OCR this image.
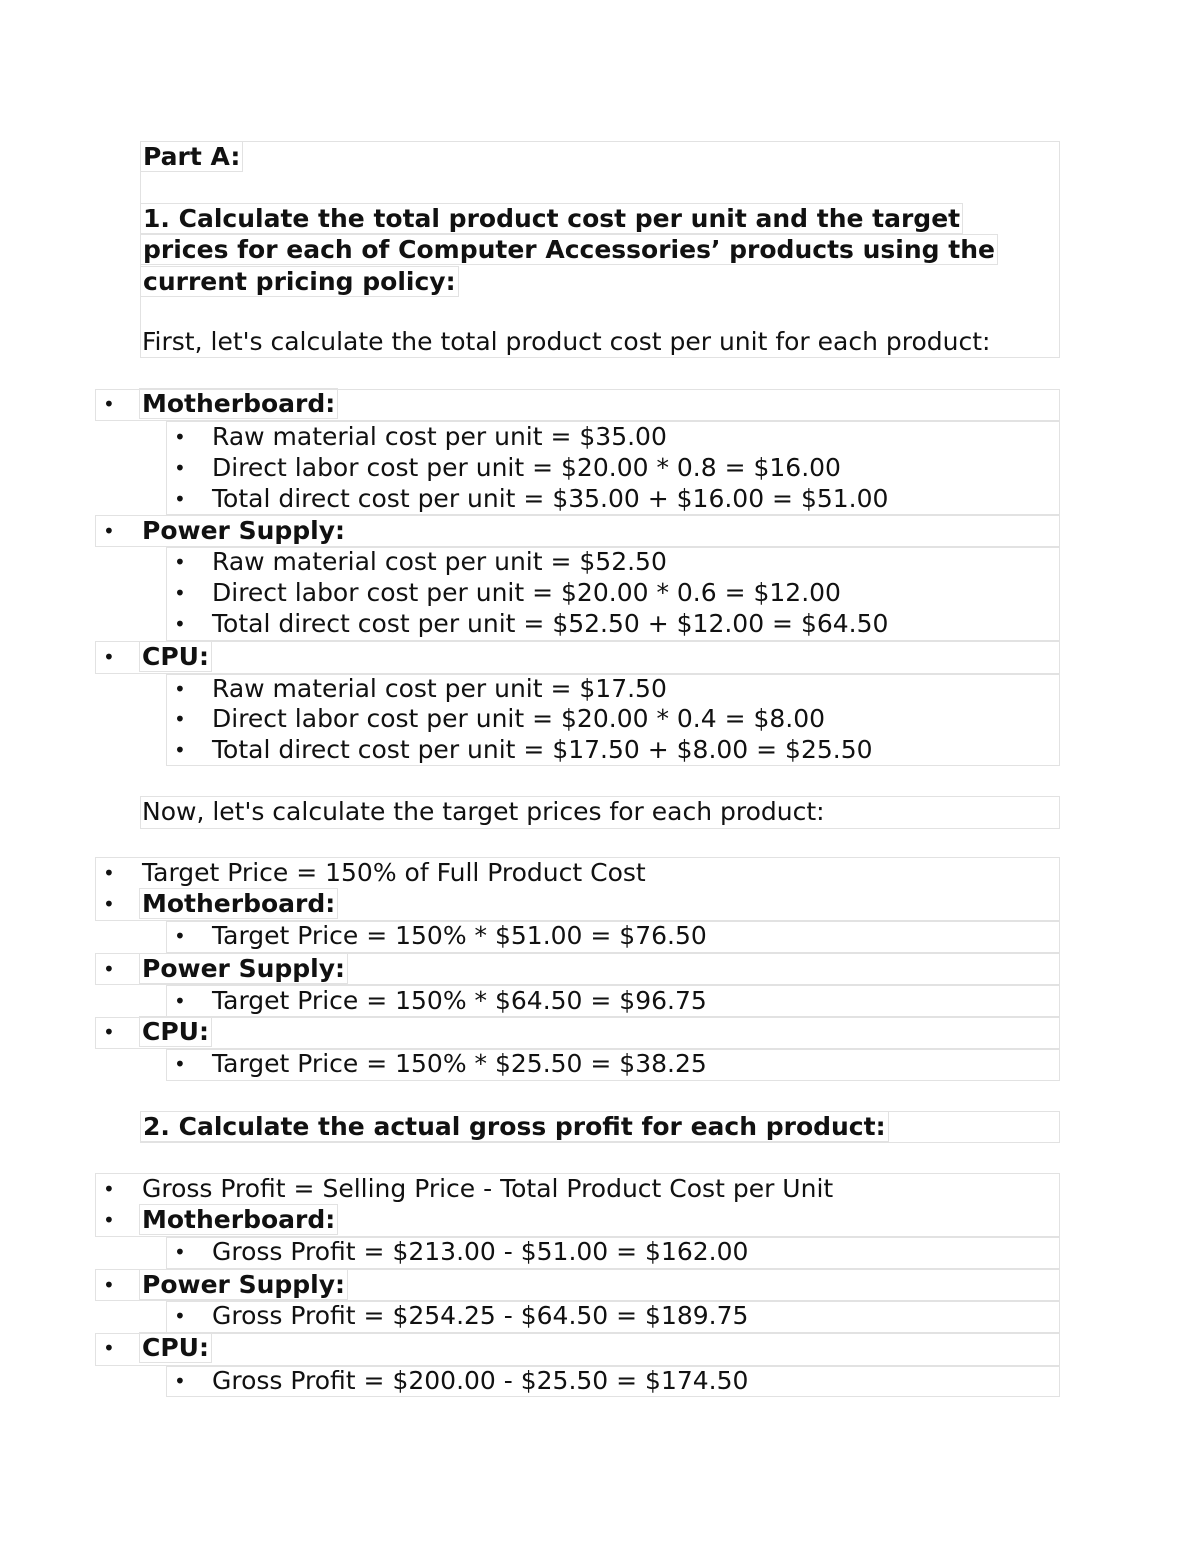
Part A:
1. Calculate the total product cost per unit and the target
prices for each of Computer Accessories’ products using the
current pricing policy:
First, let's calculate the total product cost per unit for each product:
• Motherboard:
• Raw material cost per unit = $35.00
• Direct labor cost per unit = $20.00 * 0.8 = $16.00
• Total direct cost per unit = $35.00 + $16.00 = $51.00
• Power Supply:
• Raw material cost per unit = $52.50
• Direct labor cost per unit = $20.00 * 0.6 = $12.00
• Total direct cost per unit = $52.50 + $12.00 = $64.50
• CPU:
• Raw material cost per unit = $17.50
• Direct labor cost per unit = $20.00 * 0.4 = $8.00
• Total direct cost per unit = $17.50 + $8.00 = $25.50
Now, let's calculate the target prices for each product:
• Target Price = 150% of Full Product Cost
• Motherboard:
• Target Price = 150% * $51.00 = $76.50
• Power Supply:
• Target Price = 150% * $64.50 = $96.75
• CPU:
• Target Price = 150% * $25.50 = $38.25
2. Calculate the actual gross profit for each product:
• Gross Profit = Selling Price - Total Product Cost per Unit
• Motherboard:
• Gross Profit = $213.00 - $51.00 = $162.00
• Power Supply:
• Gross Profit = $254.25 - $64.50 = $189.75
• CPU:
• Gross Profit = $200.00 - $25.50 = $174.50
